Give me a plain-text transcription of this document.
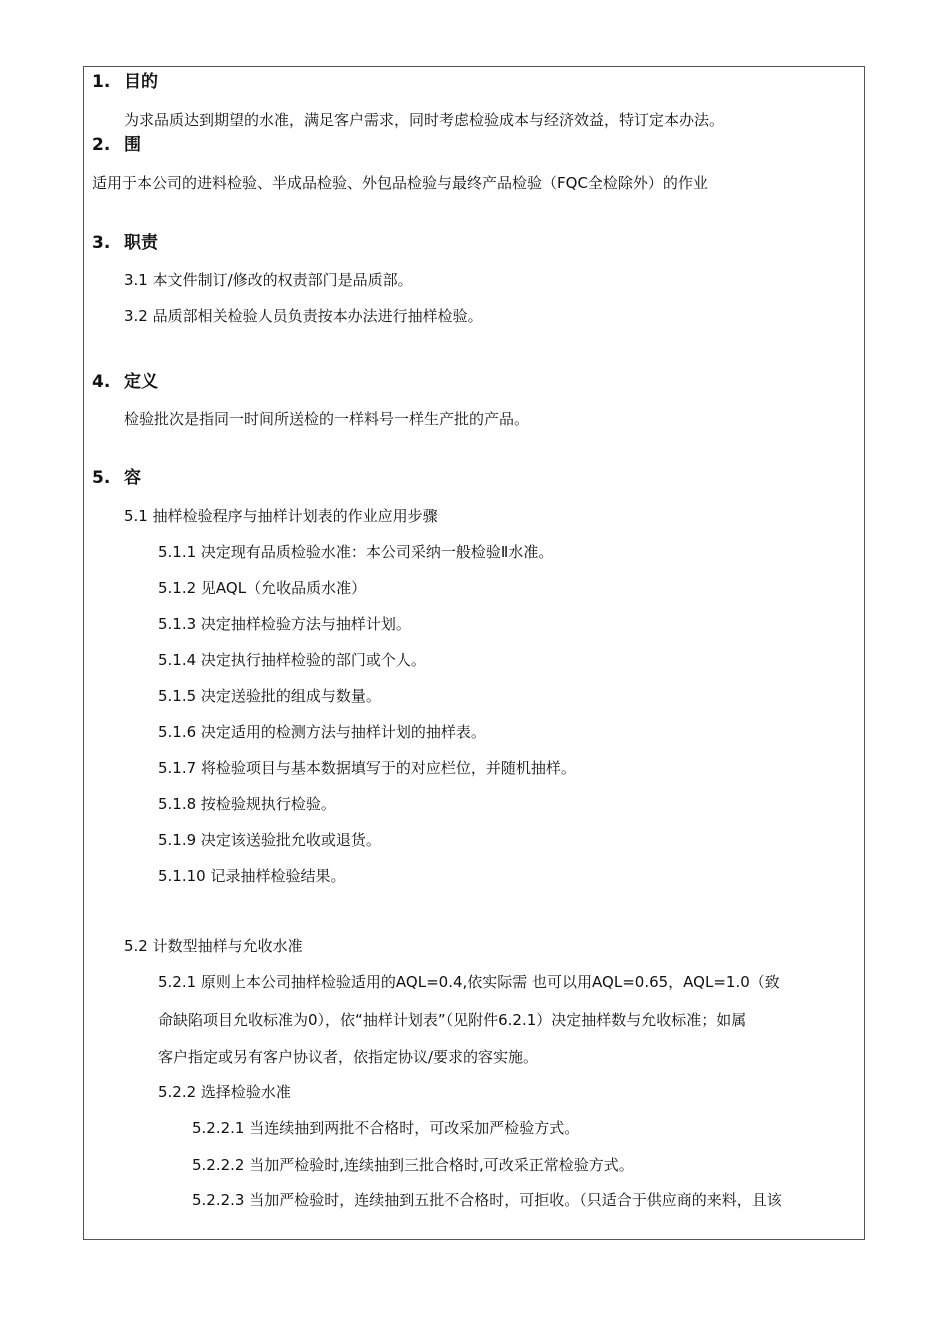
1. 目的
为求品质达到期望的水准，满足客户需求，同时考虑检验成本与经济效益，特订定本办法。
2. 围
适用于本公司的进料检验、半成品检验、外包品检验与最终产品检验（FQC全检除外）的作业
3. 职责
3.1 本文件制订/修改的权责部门是品质部。
3.2 品质部相关检验人员负责按本办法进行抽样检验。
4. 定义
检验批次是指同一时间所送检的一样料号一样生产批的产品。
5. 容
5.1 抽样检验程序与抽样计划表的作业应用步骤
5.1.1 决定现有品质检验水准：本公司采纳一般检验Ⅱ水准。
5.1.2 见AQL（允收品质水准）
5.1.3 决定抽样检验方法与抽样计划。
5.1.4 决定执行抽样检验的部门或个人。
5.1.5 决定送验批的组成与数量。
5.1.6 决定适用的检测方法与抽样计划的抽样表。
5.1.7 将检验项目与基本数据填写于的对应栏位，并随机抽样。
5.1.8 按检验规执行检验。
5.1.9 决定该送验批允收或退货。
5.1.10 记录抽样检验结果。
5.2 计数型抽样与允收水准
5.2.1 原则上本公司抽样检验适用的AQL=0.4,依实际需 也可以用AQL=0.65，AQL=1.0（致
命缺陷项目允收标准为0），依“抽样计划表”（见附件6.2.1）决定抽样数与允收标准；如属
客户指定或另有客户协议者，依指定协议/要求的容实施。
5.2.2 选择检验水准
5.2.2.1 当连续抽到两批不合格时，可改采加严检验方式。
5.2.2.2 当加严检验时,连续抽到三批合格时,可改采正常检验方式。
5.2.2.3 当加严检验时，连续抽到五批不合格时，可拒收。（只适合于供应商的来料，且该
